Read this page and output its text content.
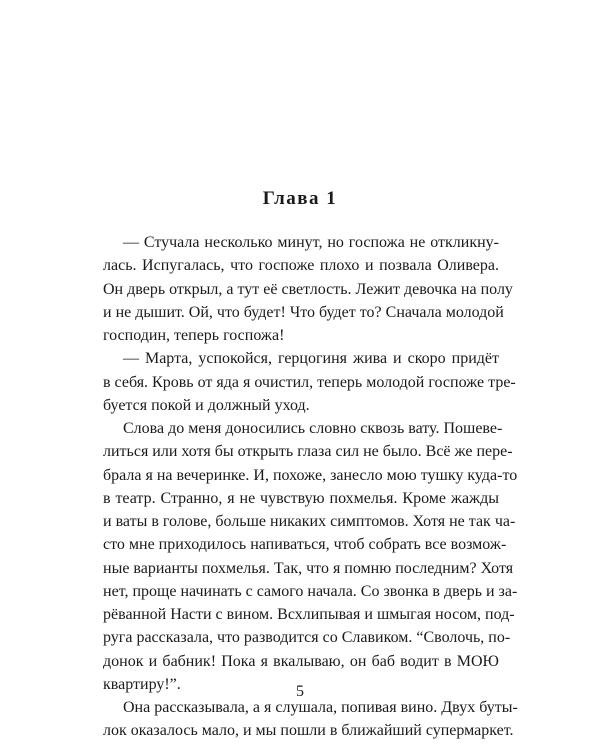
Глава 1
— Стучала несколько минут, но госпожа не откликну-
лась. Испугалась, что госпоже плохо и позвала Оливера.
Он дверь открыл, а тут её светлость. Лежит девочка на полу
и не дышит. Ой, что будет! Что будет то? Сначала молодой
господин, теперь госпожа!
— Марта, успокойся, герцогиня жива и скоро придёт
в себя. Кровь от яда я очистил, теперь молодой госпоже тре-
буется покой и должный уход.
Слова до меня доносились словно сквозь вату. Пошеве-
литься или хотя бы открыть глаза сил не было. Всё же пере-
брала я на вечеринке. И, похоже, занесло мою тушку куда-то
в театр. Странно, я не чувствую похмелья. Кроме жажды
и ваты в голове, больше никаких симптомов. Хотя не так ча-
сто мне приходилось напиваться, чтоб собрать все возмож-
ные варианты похмелья. Так, что я помню последним? Хотя
нет, проще начинать с самого начала. Со звонка в дверь и за-
рёванной Насти с вином. Всхлипывая и шмыгая носом, под-
руга рассказала, что разводится со Славиком. “Сволочь, по-
донок и бабник! Пока я вкалываю, он баб водит в МОЮ
квартиру!”.
Она рассказывала, а я слушала, попивая вино. Двух буты-
лок оказалось мало, и мы пошли в ближайший супермаркет.
5
